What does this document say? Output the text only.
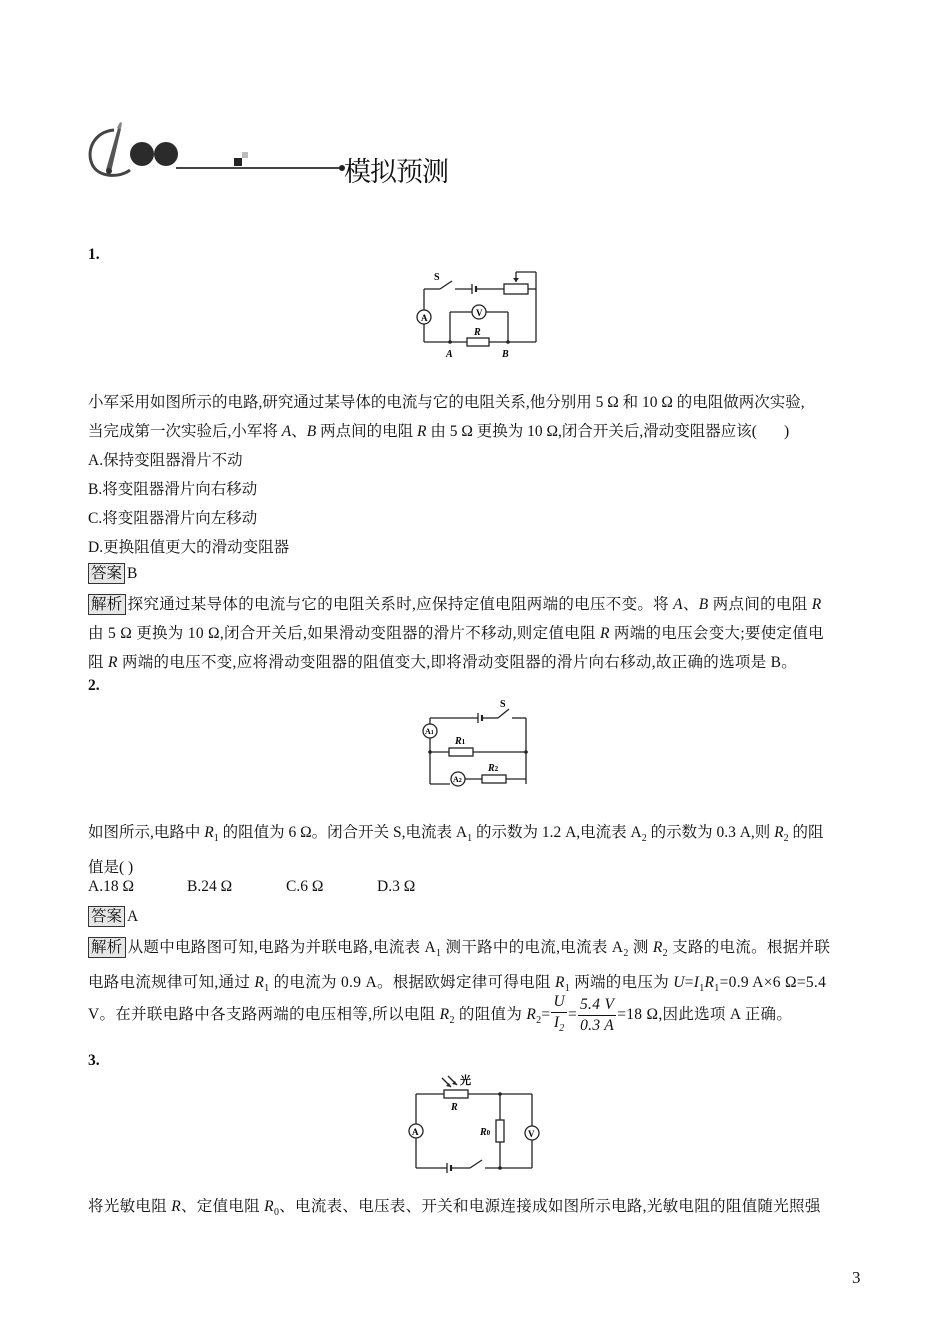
模拟预测
1.
S
A	V
R
A	B
小军采用如图所示的电路,研究通过某导体的电流与它的电阻关系,他分别用 5 Ω 和 10 Ω 的电阻做两次实验,
当完成第一次实验后,小军将 A、B 两点间的电阻 R 由 5 Ω 更换为 10 Ω,闭合开关后,滑动变阻器应该( )
A.保持变阻器滑片不动
B.将变阻器滑片向右移动
C.将变阻器滑片向左移动
D.更换阻值更大的滑动变阻器
答案 B
解析 探究通过某导体的电流与它的电阻关系时,应保持定值电阻两端的电压不变。将 A、B 两点间的电阻 R
由 5 Ω 更换为 10 Ω,闭合开关后,如果滑动变阻器的滑片不移动,则定值电阻 R 两端的电压会变大;要使定值电
阻 R 两端的电压不变,应将滑动变阻器的阻值变大,即将滑动变阻器的滑片向右移动,故正确的选项是 B。
2.
S
A1
A2
R1
R2
如图所示,电路中 $R_1$ 的阻值为 6 Ω。闭合开关 S,电流表 $A_1$ 的示数为 1.2 A,电流表 $A_2$ 的示数为 0.3 A,则 $R_2$ 的阻
值是( )
A.18 Ω	B.24 Ω	C.6 Ω	D.3 Ω
答案 A
解析 从题中电路图可知,电路为并联电路,电流表 $A_1$ 测干路中的电流,电流表 $A_2$ 测 $R_2$ 支路的电流。根据并联
电路电流规律可知,通过 $R_1$ 的电流为 0.9 A。根据欧姆定律可得电阻 $R_1$ 两端的电压为 $U=I_1R_1=0.9$ A×6 Ω=5.4
V。在并联电路中各支路两端的电压相等,所以电阻 $R_2$ 的阻值为 $R_2= \frac{U}{I_2} = \frac{5.4 V}{0.3 A} =18$ Ω,因此选项 A 正确。
3.
光
R
R0
A	V
将光敏电阻 R、定值电阻 $R_0$、电流表、电压表、开关和电源连接成如图所示电路,光敏电阻的阻值随光照强
3
